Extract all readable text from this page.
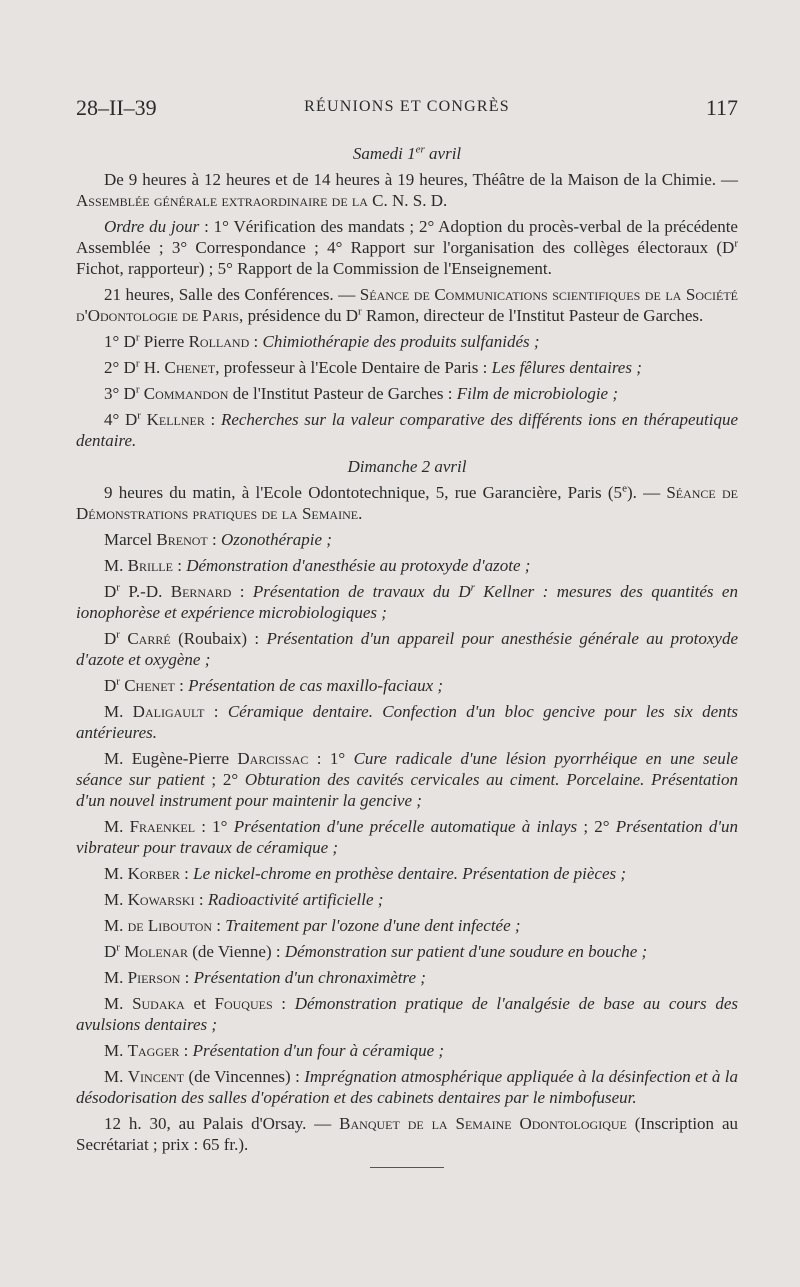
28–II–39	RÉUNIONS ET CONGRÈS	117

Samedi 1er avril

De 9 heures à 12 heures et de 14 heures à 19 heures, Théâtre de la Maison de la Chimie. — Assemblée générale extraordinaire de la C. N. S. D.

Ordre du jour : 1° Vérification des mandats ; 2° Adoption du procès-verbal de la précédente Assemblée ; 3° Correspondance ; 4° Rapport sur l'organisation des collèges électoraux ($D^r$ Fichot, rapporteur) ; 5° Rapport de la Commission de l'Enseignement.

21 heures, Salle des Conférences. — Séance de Communications scientifiques de la Société d'Odontologie de Paris, présidence du $D^r$ Ramon, directeur de l'Institut Pasteur de Garches.

1° $D^r$ Pierre Rolland : Chimiothérapie des produits sulfanidés ;

2° $D^r$ H. Chenet, professeur à l'Ecole Dentaire de Paris : Les fêlures dentaires ;

3° $D^r$ Commandon de l'Institut Pasteur de Garches : Film de microbiologie ;

4° $D^r$ Kellner : Recherches sur la valeur comparative des différents ions en thérapeutique dentaire.

Dimanche 2 avril

9 heures du matin, à l'Ecole Odontotechnique, 5, rue Garancière, Paris (5e). — Séance de Démonstrations pratiques de la Semaine.

Marcel Brenot : Ozonothérapie ;

M. Brille : Démonstration d'anesthésie au protoxyde d'azote ;

$D^r$ P.-D. Bernard : Présentation de travaux du $D^r$ Kellner : mesures des quantités en ionophorèse et expérience microbiologiques ;

$D^r$ Carré (Roubaix) : Présentation d'un appareil pour anesthésie générale au protoxyde d'azote et oxygène ;

$D^r$ Chenet : Présentation de cas maxillo-faciaux ;

M. Daligault : Céramique dentaire. Confection d'un bloc gencive pour les six dents antérieures.

M. Eugène-Pierre Darcissac : 1° Cure radicale d'une lésion pyorrhéique en une seule séance sur patient ; 2° Obturation des cavités cervicales au ciment. Porcelaine. Présentation d'un nouvel instrument pour maintenir la gencive ;

M. Fraenkel : 1° Présentation d'une précelle automatique à inlays ; 2° Présentation d'un vibrateur pour travaux de céramique ;

M. Korber : Le nickel-chrome en prothèse dentaire. Présentation de pièces ;

M. Kowarski : Radioactivité artificielle ;

M. de Libouton : Traitement par l'ozone d'une dent infectée ;

$D^r$ Molenar (de Vienne) : Démonstration sur patient d'une soudure en bouche ;

M. Pierson : Présentation d'un chronaximètre ;

M. Sudaka et Fouques : Démonstration pratique de l'analgésie de base au cours des avulsions dentaires ;

M. Tagger : Présentation d'un four à céramique ;

M. Vincent (de Vincennes) : Imprégnation atmosphérique appliquée à la désinfection et à la désodorisation des salles d'opération et des cabinets dentaires par le nimbofuseur.

12 h. 30, au Palais d'Orsay. — Banquet de la Semaine Odontologique (Inscription au Secrétariat ; prix : 65 fr.).
